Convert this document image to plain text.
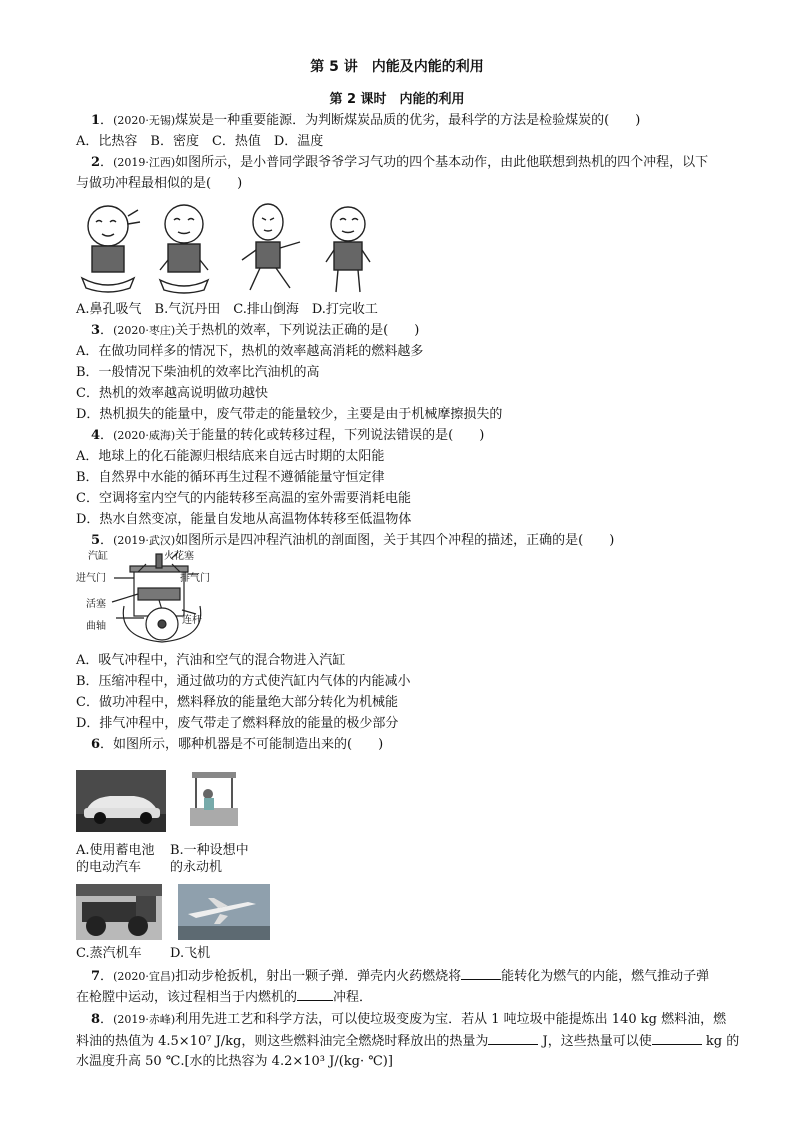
第 5 讲　内能及内能的利用
第 2 课时　内能的利用
1．(2020·无锡)煤炭是一种重要能源．为判断煤炭品质的优劣，最科学的方法是检验煤炭的(　　)
A．比热容　B．密度　C．热值　D．温度
2．(2019·江西)如图所示，是小普同学跟爷爷学习气功的四个基本动作，由此他联想到热机的四个冲程，以下
与做功冲程最相似的是(　　)
A.鼻孔吸气　B.气沉丹田　C.排山倒海　D.打完收工
3．(2020·枣庄)关于热机的效率，下列说法正确的是(　　)
A．在做功同样多的情况下，热机的效率越高消耗的燃料越多
B．一般情况下柴油机的效率比汽油机的高
C．热机的效率越高说明做功越快
D．热机损失的能量中，废气带走的能量较少，主要是由于机械摩擦损失的
4．(2020·威海)关于能量的转化或转移过程，下列说法错误的是(　　)
A．地球上的化石能源归根结底来自远古时期的太阳能
B．自然界中水能的循环再生过程不遵循能量守恒定律
C．空调将室内空气的内能转移至高温的室外需要消耗电能
D．热水自然变凉，能量自发地从高温物体转移至低温物体
5．(2019·武汉)如图所示是四冲程汽油机的剖面图，关于其四个冲程的描述，正确的是(　　)
汽缸	火花塞
进气门	排气门
活塞
连杆
曲轴
A．吸气冲程中，汽油和空气的混合物进入汽缸
B．压缩冲程中，通过做功的方式使汽缸内气体的内能减小
C．做功冲程中，燃料释放的能量绝大部分转化为机械能
D．排气冲程中，废气带走了燃料释放的能量的极少部分
6．如图所示，哪种机器是不可能制造出来的(　　)
A.使用蓄电池
的电动汽车
B.一种设想中
的永动机
C.蒸汽机车 D.飞机
7．(2020·宜昌)扣动步枪扳机，射出一颗子弹．弹壳内火药燃烧将	能转化为燃气的内能，燃气推动子弹
在枪膛中运动，该过程相当于内燃机的	冲程．
8．(2019·赤峰)利用先进工艺和科学方法，可以使垃圾变废为宝．若从 1 吨垃圾中能提炼出 140 kg 燃料油，燃
料油的热值为 4.5×10⁷ J/kg，则这些燃料油完全燃烧时释放出的热量为	J，这些热量可以使	kg 的
水温度升高 50 ℃.[水的比热容为 4.2×10³ J/(kg· ℃)]
